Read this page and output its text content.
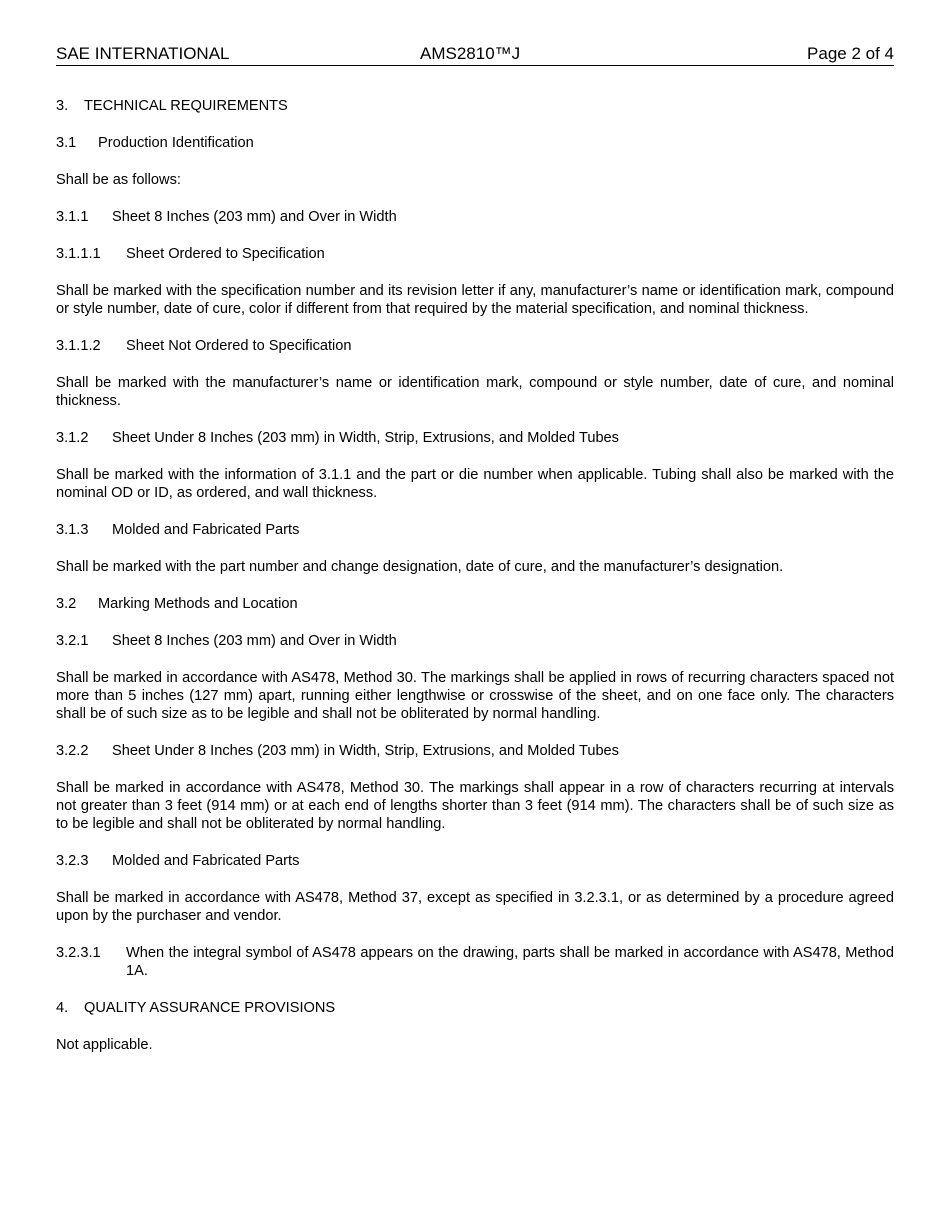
SAE INTERNATIONAL	AMS2810™J	Page 2 of 4
3.	TECHNICAL REQUIREMENTS
3.1	Production Identification

Shall be as follows:

3.1.1	Sheet 8 Inches (203 mm) and Over in Width
3.1.1.1	Sheet Ordered to Specification

Shall be marked with the specification number and its revision letter if any, manufacturer’s name or identification mark, compound or style number, date of cure, color if different from that required by the material specification, and nominal thickness.

3.1.1.2	Sheet Not Ordered to Specification

Shall be marked with the manufacturer’s name or identification mark, compound or style number, date of cure, and nominal thickness.

3.1.2	Sheet Under 8 Inches (203 mm) in Width, Strip, Extrusions, and Molded Tubes

Shall be marked with the information of 3.1.1 and the part or die number when applicable. Tubing shall also be marked with the nominal OD or ID, as ordered, and wall thickness.

3.1.3	Molded and Fabricated Parts

Shall be marked with the part number and change designation, date of cure, and the manufacturer’s designation.

3.2	Marking Methods and Location
3.2.1	Sheet 8 Inches (203 mm) and Over in Width

Shall be marked in accordance with AS478, Method 30. The markings shall be applied in rows of recurring characters spaced not more than 5 inches (127 mm) apart, running either lengthwise or crosswise of the sheet, and on one face only. The characters shall be of such size as to be legible and shall not be obliterated by normal handling.

3.2.2	Sheet Under 8 Inches (203 mm) in Width, Strip, Extrusions, and Molded Tubes

Shall be marked in accordance with AS478, Method 30. The markings shall appear in a row of characters recurring at intervals not greater than 3 feet (914 mm) or at each end of lengths shorter than 3 feet (914 mm). The characters shall be of such size as to be legible and shall not be obliterated by normal handling.

3.2.3	Molded and Fabricated Parts

Shall be marked in accordance with AS478, Method 37, except as specified in 3.2.3.1, or as determined by a procedure agreed upon by the purchaser and vendor.

3.2.3.1	When the integral symbol of AS478 appears on the drawing, parts shall be marked in accordance with AS478, Method 1A.
4.	QUALITY ASSURANCE PROVISIONS

Not applicable.
